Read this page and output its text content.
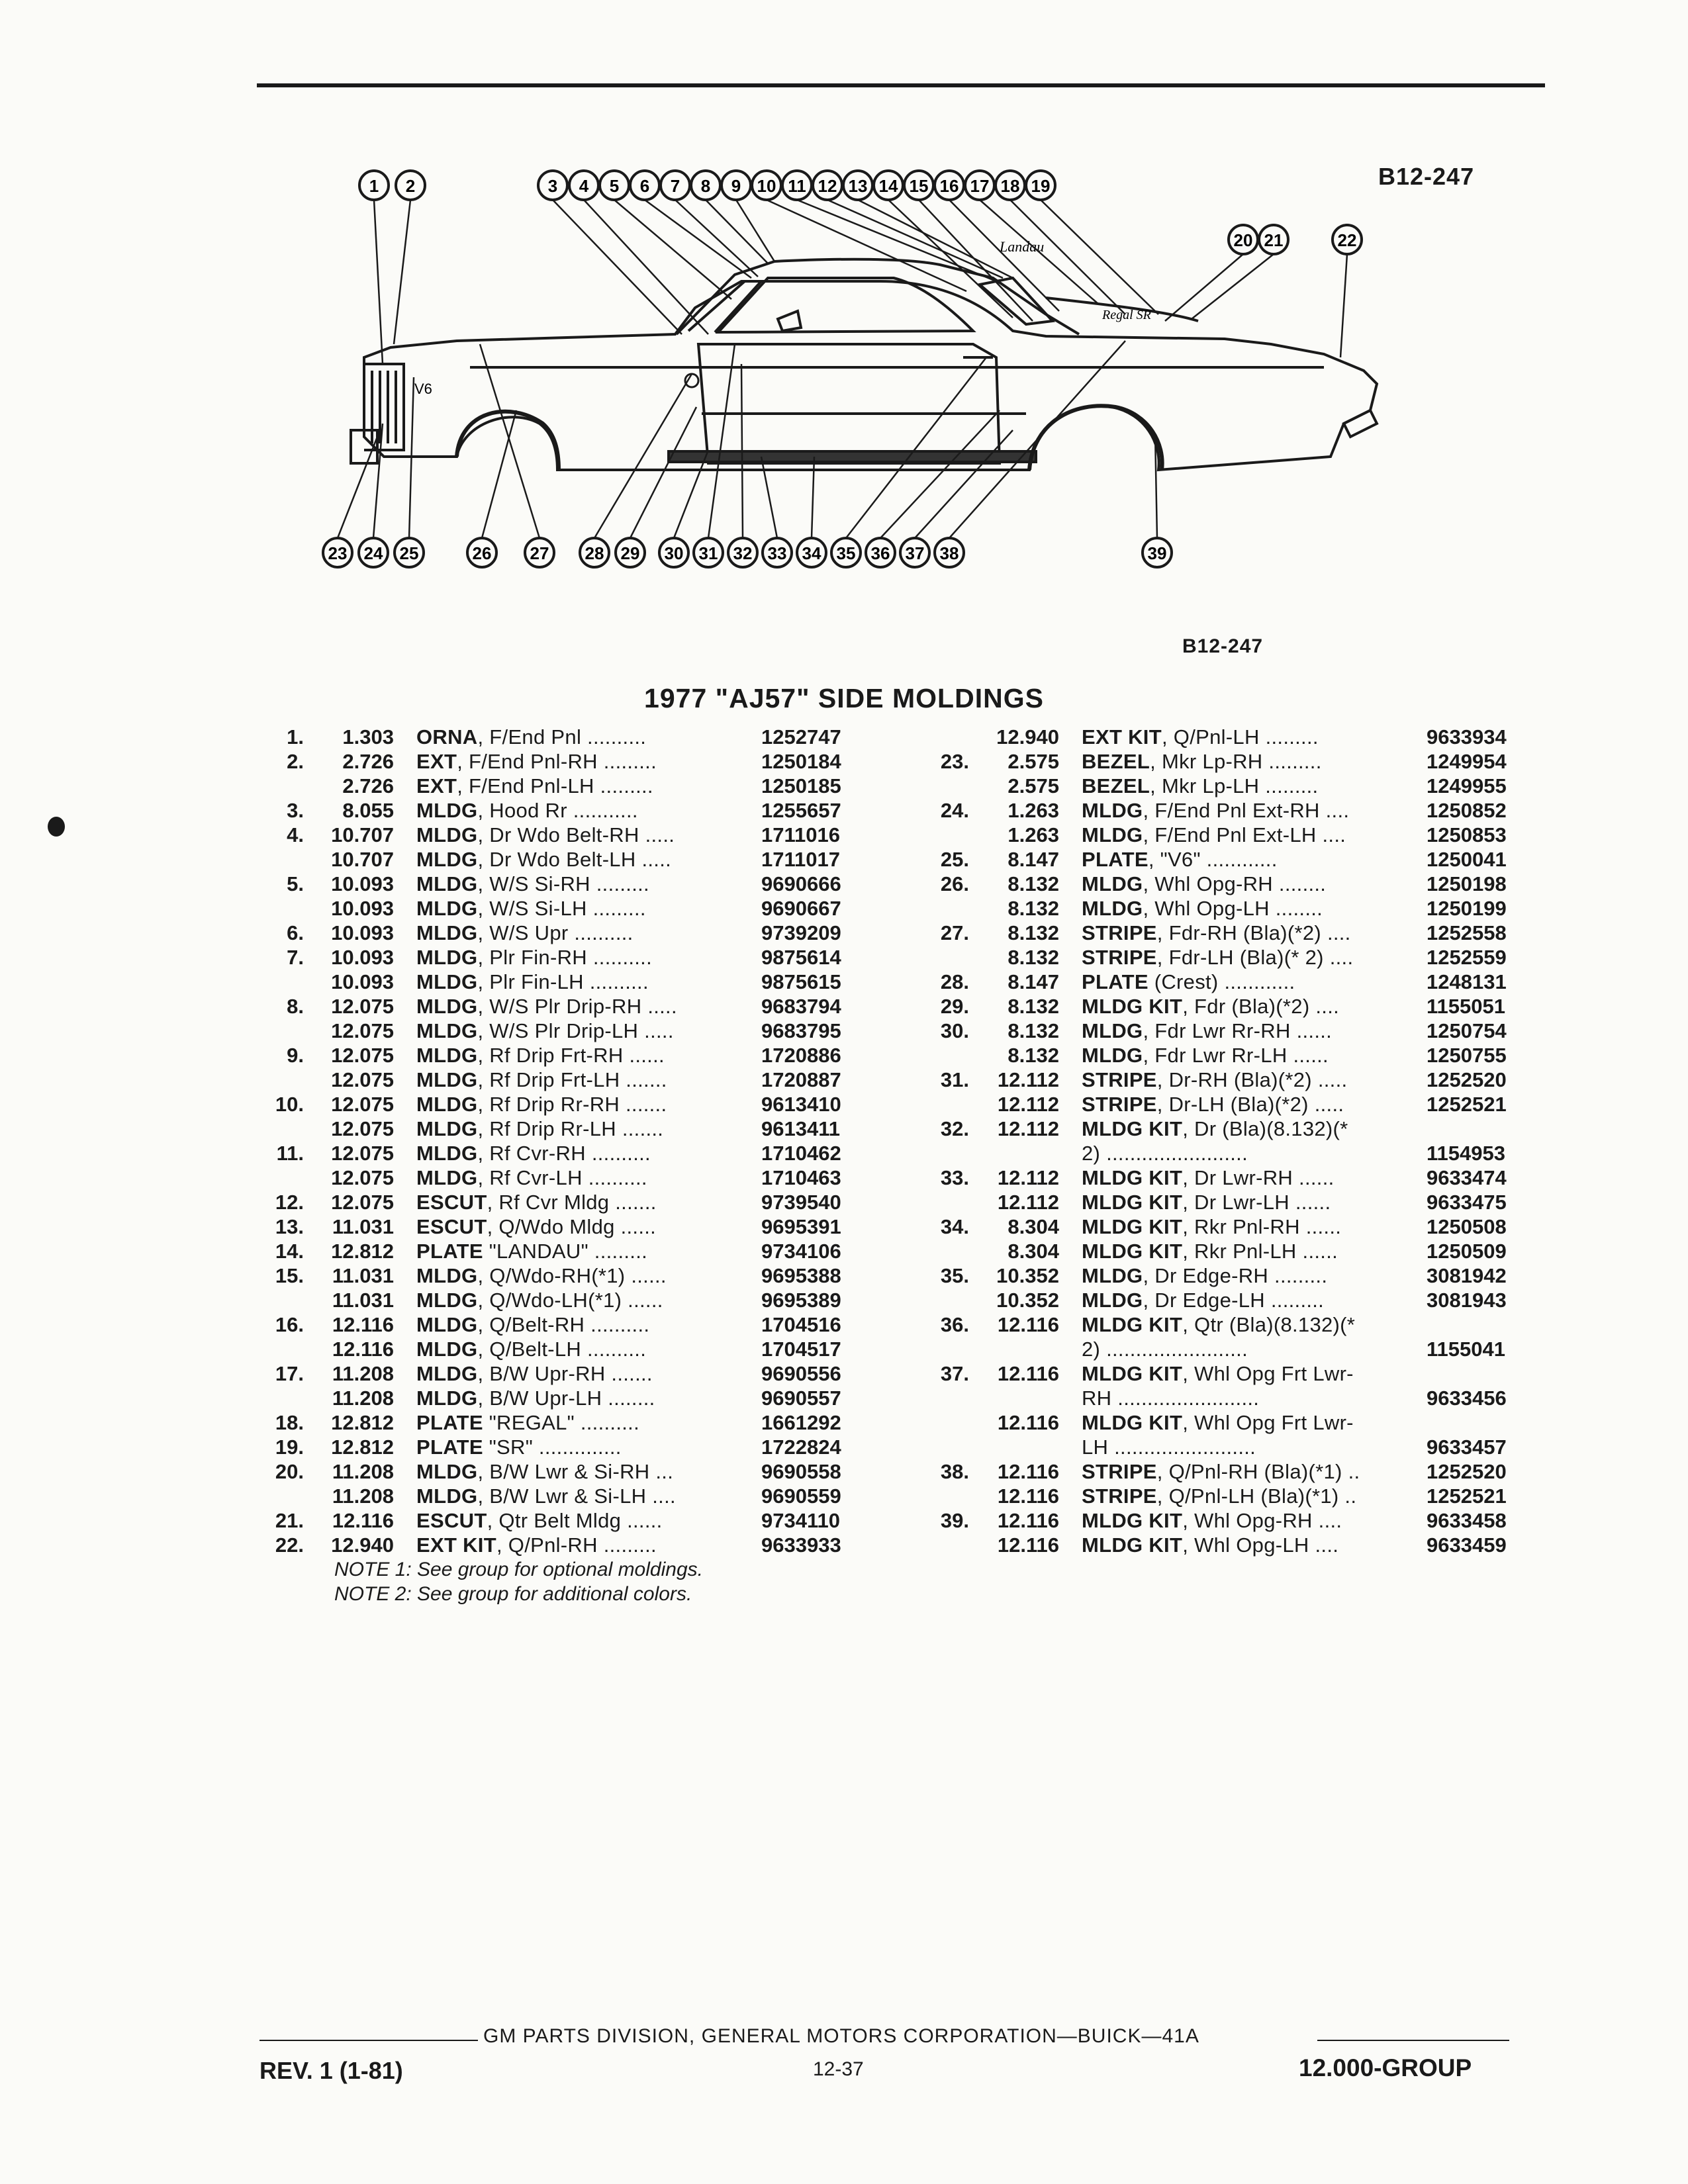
B12-247
Landau
Regal SR
V6
1 2	3 4 5 6 7 8 9 10 11 12 13 14 15 16 17 18 19
20 21	22
23 24 25	26 27 28 29 30 31 32 33 34 35 36 37 38	39
B12-247
1977 "AJ57" SIDE MOLDINGS
1.	1.303 ORNA, F/End Pnl ..........	1252747
2.	2.726 EXT, F/End Pnl-RH .........	1250184
2.726 EXT, F/End Pnl-LH .........	1250185
3.	8.055 MLDG, Hood Rr ...........	1255657
4.	10.707 MLDG, Dr Wdo Belt-RH .....	1711016
10.707 MLDG, Dr Wdo Belt-LH .....	1711017
5.	10.093 MLDG, W/S Si-RH .........	9690666
10.093 MLDG, W/S Si-LH .........	9690667
6.	10.093 MLDG, W/S Upr ..........	9739209
7.	10.093 MLDG, Plr Fin-RH ..........	9875614
10.093 MLDG, Plr Fin-LH ..........	9875615
8.	12.075 MLDG, W/S Plr Drip-RH .....	9683794
12.075 MLDG, W/S Plr Drip-LH .....	9683795
9.	12.075 MLDG, Rf Drip Frt-RH ......	1720886
12.075 MLDG, Rf Drip Frt-LH .......	1720887
10.	12.075 MLDG, Rf Drip Rr-RH .......	9613410
12.075 MLDG, Rf Drip Rr-LH .......	9613411
11.	12.075 MLDG, Rf Cvr-RH ..........	1710462
12.075 MLDG, Rf Cvr-LH ..........	1710463
12.	12.075 ESCUT, Rf Cvr Mldg .......	9739540
13.	11.031 ESCUT, Q/Wdo Mldg ......	9695391
14.	12.812 PLATE "LANDAU" .........	9734106
15.	11.031 MLDG, Q/Wdo-RH(*1) ......	9695388
11.031 MLDG, Q/Wdo-LH(*1) ......	9695389
16.	12.116 MLDG, Q/Belt-RH ..........	1704516
12.116 MLDG, Q/Belt-LH ..........	1704517
17.	11.208 MLDG, B/W Upr-RH .......	9690556
11.208 MLDG, B/W Upr-LH ........	9690557
18.	12.812 PLATE "REGAL" ..........	1661292
19.	12.812 PLATE "SR" ..............	1722824
20.	11.208 MLDG, B/W Lwr & Si-RH ...	9690558
11.208 MLDG, B/W Lwr & Si-LH ....	9690559
21.	12.116 ESCUT, Qtr Belt Mldg ......	9734110
22.	12.940 EXT KIT, Q/Pnl-RH .........	9633933
NOTE 1: See group for optional moldings.
NOTE 2: See group for additional colors.
12.940 EXT KIT, Q/Pnl-LH .........	9633934
23.	2.575 BEZEL, Mkr Lp-RH .........	1249954
2.575 BEZEL, Mkr Lp-LH .........	1249955
24.	1.263 MLDG, F/End Pnl Ext-RH ....	1250852
1.263 MLDG, F/End Pnl Ext-LH ....	1250853
25.	8.147 PLATE, "V6" ............	1250041
26.	8.132 MLDG, Whl Opg-RH ........	1250198
8.132 MLDG, Whl Opg-LH ........	1250199
27.	8.132 STRIPE, Fdr-RH (Bla)(*2) ....	1252558
8.132 STRIPE, Fdr-LH (Bla)(* 2) ....	1252559
28.	8.147 PLATE (Crest) ............	1248131
29.	8.132 MLDG KIT, Fdr (Bla)(*2) ....	1155051
30.	8.132 MLDG, Fdr Lwr Rr-RH ......	1250754
8.132 MLDG, Fdr Lwr Rr-LH ......	1250755
31.	12.112 STRIPE, Dr-RH (Bla)(*2) .....	1252520
12.112 STRIPE, Dr-LH (Bla)(*2) .....	1252521
32.	12.112 MLDG KIT, Dr (Bla)(8.132)(*
2) ........................	1154953
33.	12.112 MLDG KIT, Dr Lwr-RH ......	9633474
12.112 MLDG KIT, Dr Lwr-LH ......	9633475
34.	8.304 MLDG KIT, Rkr Pnl-RH ......	1250508
8.304 MLDG KIT, Rkr Pnl-LH ......	1250509
35.	10.352 MLDG, Dr Edge-RH .........	3081942
10.352 MLDG, Dr Edge-LH .........	3081943
36.	12.116 MLDG KIT, Qtr (Bla)(8.132)(*
2) ........................	1155041
37.	12.116 MLDG KIT, Whl Opg Frt Lwr-
RH ........................	9633456
12.116 MLDG KIT, Whl Opg Frt Lwr-
LH ........................	9633457
38.	12.116 STRIPE, Q/Pnl-RH (Bla)(*1) ..	1252520
12.116 STRIPE, Q/Pnl-LH (Bla)(*1) ..	1252521
39.	12.116 MLDG KIT, Whl Opg-RH ....	9633458
12.116 MLDG KIT, Whl Opg-LH ....	9633459
GM PARTS DIVISION, GENERAL MOTORS CORPORATION—BUICK—41A
REV. 1 (1-81)	12-37	12.000-GROUP
